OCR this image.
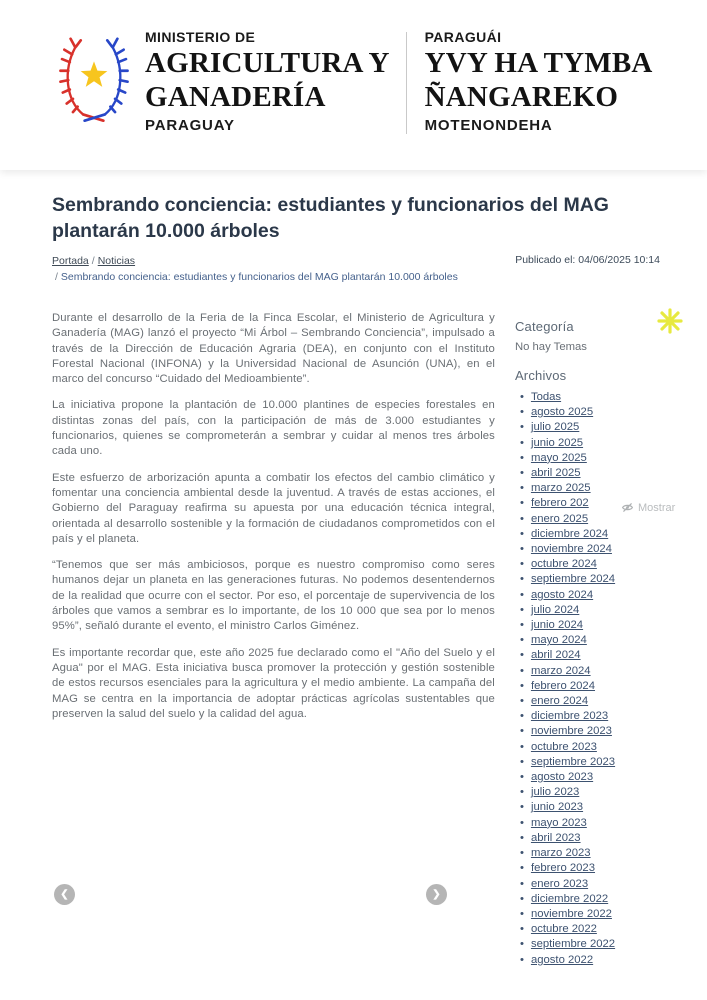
MINISTERIO DE
AGRICULTURA Y
GANADERÍA
PARAGUAY
PARAGUÁI
YVY HA TYMBA
ÑANGAREKO
MOTENONDEHA
Sembrando conciencia: estudiantes y funcionarios del MAG plantarán 10.000 árboles
Portada / Noticias
/ Sembrando conciencia: estudiantes y funcionarios del MAG plantarán 10.000 árboles
Publicado el: 04/06/2025 10:14

Durante el desarrollo de la Feria de la Finca Escolar, el Ministerio de Agricultura y Ganadería (MAG) lanzó el proyecto “Mi Árbol – Sembrando Conciencia”, impulsado a través de la Dirección de Educación Agraria (DEA), en conjunto con el Instituto Forestal Nacional (INFONA) y la Universidad Nacional de Asunción (UNA), en el marco del concurso “Cuidado del Medioambiente”.

La iniciativa propone la plantación de 10.000 plantines de especies forestales en distintas zonas del país, con la participación de más de 3.000 estudiantes y funcionarios, quienes se comprometerán a sembrar y cuidar al menos tres árboles cada uno.

Este esfuerzo de arborización apunta a combatir los efectos del cambio climático y fomentar una conciencia ambiental desde la juventud. A través de estas acciones, el Gobierno del Paraguay reafirma su apuesta por una educación técnica integral, orientada al desarrollo sostenible y la formación de ciudadanos comprometidos con el país y el planeta.

“Tenemos que ser más ambiciosos, porque es nuestro compromiso como seres humanos dejar un planeta en las generaciones futuras. No podemos desentendernos de la realidad que ocurre con el sector. Por eso, el porcentaje de supervivencia de los árboles que vamos a sembrar es lo importante, de los 10 000 que sea por lo menos 95%”, señaló durante el evento, el ministro Carlos Giménez.

Es importante recordar que, este año 2025 fue declarado como el "Año del Suelo y el Agua" por el MAG. Esta iniciativa busca promover la protección y gestión sostenible de estos recursos esenciales para la agricultura y el medio ambiente. La campaña del MAG se centra en la importancia de adoptar prácticas agrícolas sustentables que preserven la salud del suelo y la calidad del agua.

Categoría

No hay Temas

Archivos
• Todas
• agosto 2025
• julio 2025
• junio 2025
• mayo 2025
• abril 2025
• marzo 2025
• febrero 202
• enero 2025
• diciembre 2024
• noviembre 2024
• octubre 2024
• septiembre 2024
• agosto 2024
• julio 2024
• junio 2024
• mayo 2024
• abril 2024
• marzo 2024
• febrero 2024
• enero 2024
• diciembre 2023
• noviembre 2023
• octubre 2023
• septiembre 2023
• agosto 2023
• julio 2023
• junio 2023
• mayo 2023
• abril 2023
• marzo 2023
• febrero 2023
• enero 2023
• diciembre 2022
• noviembre 2022
• octubre 2022
• septiembre 2022
• agosto 2022
Mostrar
❮	❯
